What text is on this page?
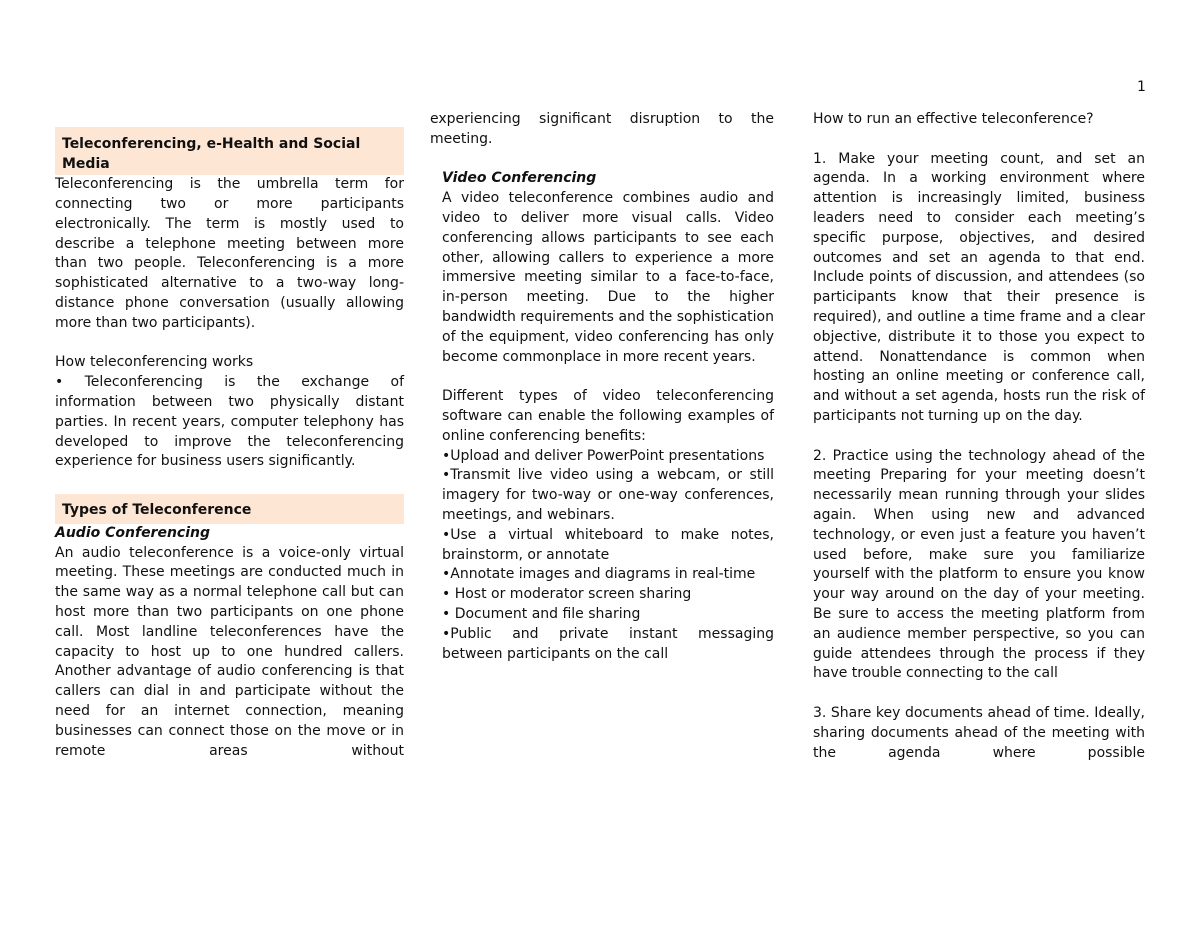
1
Teleconferencing, e-Health and Social Media

Teleconferencing is the umbrella term for connecting two or more participants electronically. The term is mostly used to describe a telephone meeting between more than two people. Teleconferencing is a more sophisticated alternative to a two-way long-distance phone conversation (usually allowing more than two participants).

How teleconferencing works

• Teleconferencing is the exchange of information between two physically distant parties. In recent years, computer telephony has developed to improve the teleconferencing experience for business users significantly.

Types of Teleconference

Audio Conferencing

An audio teleconference is a voice-only virtual meeting. These meetings are conducted much in the same way as a normal telephone call but can host more than two participants on one phone call. Most landline teleconferences have the capacity to host up to one hundred callers. Another advantage of audio conferencing is that callers can dial in and participate without the need for an internet connection, meaning businesses can connect those on the move or in remote areas without

experiencing significant disruption to the meeting.

Video Conferencing

A video teleconference combines audio and video to deliver more visual calls. Video conferencing allows participants to see each other, allowing callers to experience a more immersive meeting similar to a face-to-face, in-person meeting. Due to the higher bandwidth requirements and the sophistication of the equipment, video conferencing has only become commonplace in more recent years.

Different types of video teleconferencing software can enable the following examples of online conferencing benefits:

•Upload and deliver PowerPoint presentations

•Transmit live video using a webcam, or still imagery for two-way or one-way conferences, meetings, and webinars.

•Use a virtual whiteboard to make notes, brainstorm, or annotate

•Annotate images and diagrams in real-time

• Host or moderator screen sharing

• Document and file sharing

•Public and private instant messaging between participants on the call

How to run an effective teleconference?

1. Make your meeting count, and set an agenda. In a working environment where attention is increasingly limited, business leaders need to consider each meeting’s specific purpose, objectives, and desired outcomes and set an agenda to that end. Include points of discussion, and attendees (so participants know that their presence is required), and outline a time frame and a clear objective, distribute it to those you expect to attend. Nonattendance is common when hosting an online meeting or conference call, and without a set agenda, hosts run the risk of participants not turning up on the day.

2. Practice using the technology ahead of the meeting Preparing for your meeting doesn’t necessarily mean running through your slides again. When using new and advanced technology, or even just a feature you haven’t used before, make sure you familiarize yourself with the platform to ensure you know your way around on the day of your meeting. Be sure to access the meeting platform from an audience member perspective, so you can guide attendees through the process if they have trouble connecting to the call

3. Share key documents ahead of time. Ideally, sharing documents ahead of the meeting with the agenda where possible
